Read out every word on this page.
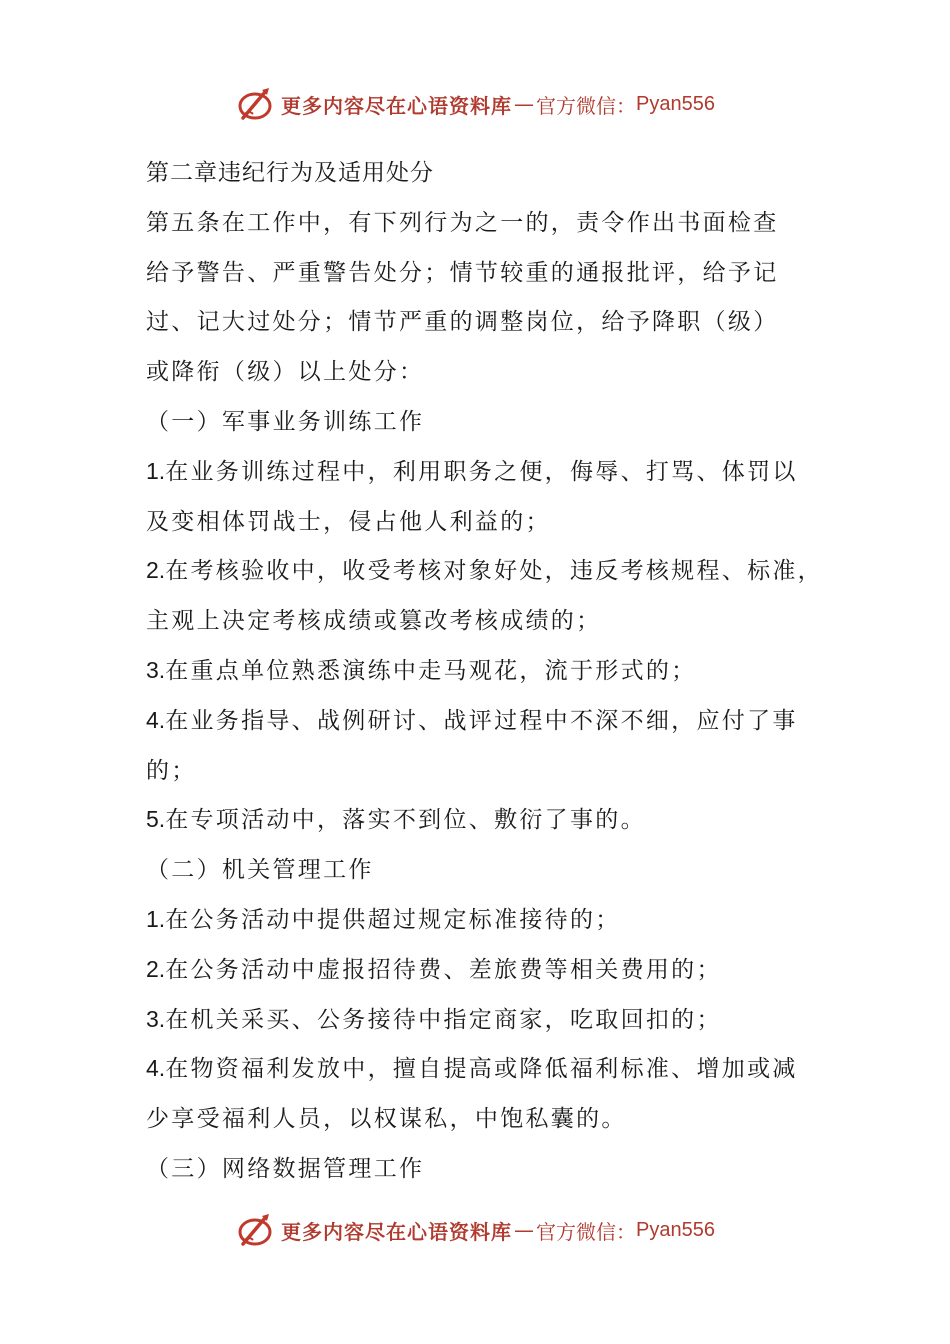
更多内容尽在心语资料库 — 官方微信： Pyan556
第二章违纪行为及适用处分
第五条在工作中，有下列行为之一的，责令作出书面检查
给予警告、严重警告处分；情节较重的通报批评，给予记
过、记大过处分；情节严重的调整岗位，给予降职（级）
或降衔（级）以上处分：
（一）军事业务训练工作
1.在业务训练过程中，利用职务之便，侮辱、打骂、体罚以
及变相体罚战士，侵占他人利益的；
2.在考核验收中，收受考核对象好处，违反考核规程、标准，
主观上决定考核成绩或篡改考核成绩的；
3.在重点单位熟悉演练中走马观花，流于形式的；
4.在业务指导、战例研讨、战评过程中不深不细，应付了事
的；
5.在专项活动中，落实不到位、敷衍了事的。
（二）机关管理工作
1.在公务活动中提供超过规定标准接待的；
2.在公务活动中虚报招待费、差旅费等相关费用的；
3.在机关采买、公务接待中指定商家，吃取回扣的；
4.在物资福利发放中，擅自提高或降低福利标准、增加或减
少享受福利人员，以权谋私，中饱私囊的。
（三）网络数据管理工作
更多内容尽在心语资料库 — 官方微信： Pyan556
